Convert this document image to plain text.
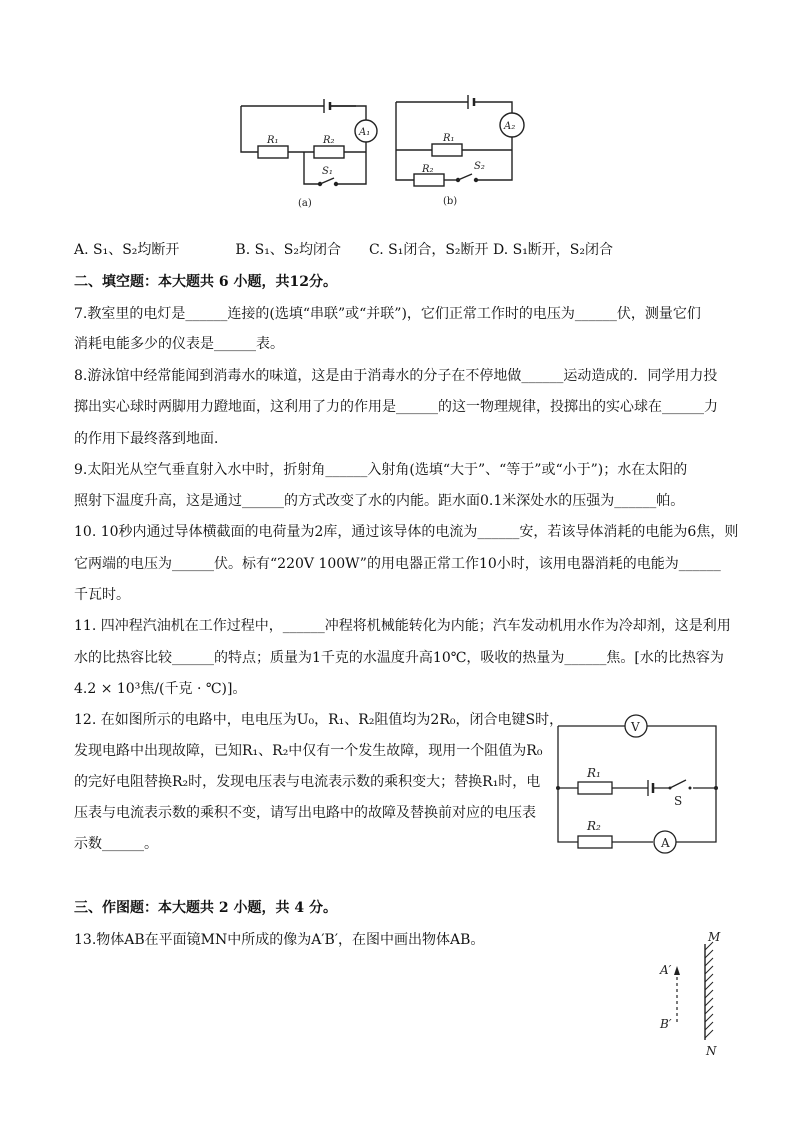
R₁	R₂
A₁
S₁
R₁
R₂
A₂
S₂
(a)	(b)
A. S₁、S₂均断开　　　　B. S₁、S₂均闭合　　C. S₁闭合，S₂断开 D. S₁断开，S₂闭合
二、填空题：本大题共 6 小题，共12分。
7.教室里的电灯是______连接的(选填“串联”或“并联”)，它们正常工作时的电压为______伏，测量它们
消耗电能多少的仪表是______表。
8.游泳馆中经常能闻到消毒水的味道，这是由于消毒水的分子在不停地做______运动造成的．同学用力投
掷出实心球时两脚用力蹬地面，这利用了力的作用是______的这一物理规律，投掷出的实心球在______力
的作用下最终落到地面．
9.太阳光从空气垂直射入水中时，折射角______入射角(选填“大于”、“等于”或“小于”)；水在太阳的
照射下温度升高，这是通过______的方式改变了水的内能。距水面0.1米深处水的压强为______帕。
10. 10秒内通过导体横截面的电荷量为2库，通过该导体的电流为______安，若该导体消耗的电能为6焦，则
它两端的电压为______伏。标有“220V 100W”的用电器正常工作10小时，该用电器消耗的电能为______
千瓦时。
11. 四冲程汽油机在工作过程中，______冲程将机械能转化为内能；汽车发动机用水作为冷却剂，这是利用
水的比热容比较______的特点；质量为1千克的水温度升高10℃，吸收的热量为______焦。[水的比热容为
4.2 × 10³焦/(千克 · ℃)]。
12. 在如图所示的电路中，电电压为U₀，R₁、R₂阻值均为2R₀，闭合电键S时，
发现电路中出现故障，已知R₁、R₂中仅有一个发生故障，现用一个阻值为R₀
的完好电阻替换R₂时，发现电压表与电流表示数的乘积变大；替换R₁时，电
压表与电流表示数的乘积不变，请写出电路中的故障及替换前对应的电压表
示数______。
V
A
R₁
R₂
S
三、作图题：本大题共 2 小题，共 4 分。
13.物体AB在平面镜MN中所成的像为A′B′，在图中画出物体AB。	M
N
A′
B′
